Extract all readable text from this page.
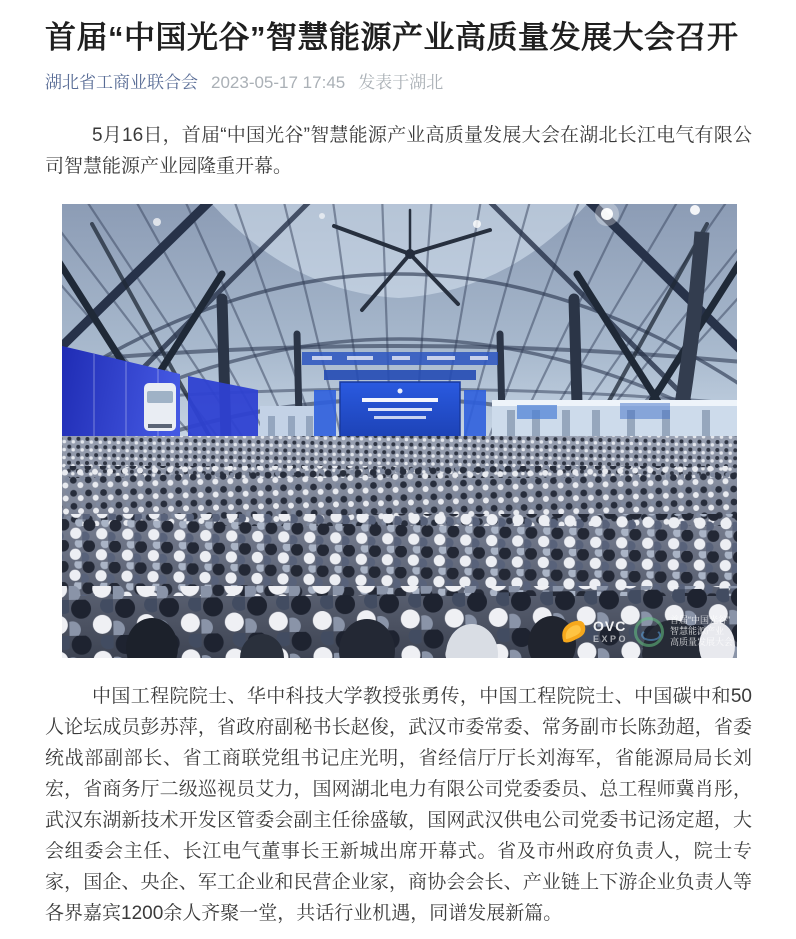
首届“中国光谷”智慧能源产业高质量发展大会召开
湖北省工商业联合会 2023-05-17 17:45 发表于湖北

5月16日，首届“中国光谷”智慧能源产业高质量发展大会在湖北长江电气有限公司智慧能源产业园隆重开幕。

OVC
EXPO
首届“中国光谷”
智慧能源产业
高质量发展大会

中国工程院院士、华中科技大学教授张勇传，中国工程院院士、中国碳中和50人论坛成员彭苏萍，省政府副秘书长赵俊，武汉市委常委、常务副市长陈劲超，省委统战部副部长、省工商联党组书记庄光明，省经信厅厅长刘海军，省能源局局长刘宏，省商务厅二级巡视员艾力，国网湖北电力有限公司党委委员、总工程师冀肖彤，武汉东湖新技术开发区管委会副主任徐盛敏，国网武汉供电公司党委书记汤定超，大会组委会主任、长江电气董事长王新城出席开幕式。省及市州政府负责人，院士专家，国企、央企、军工企业和民营企业家，商协会会长、产业链上下游企业负责人等各界嘉宾1200余人齐聚一堂，共话行业机遇，同谱发展新篇。
